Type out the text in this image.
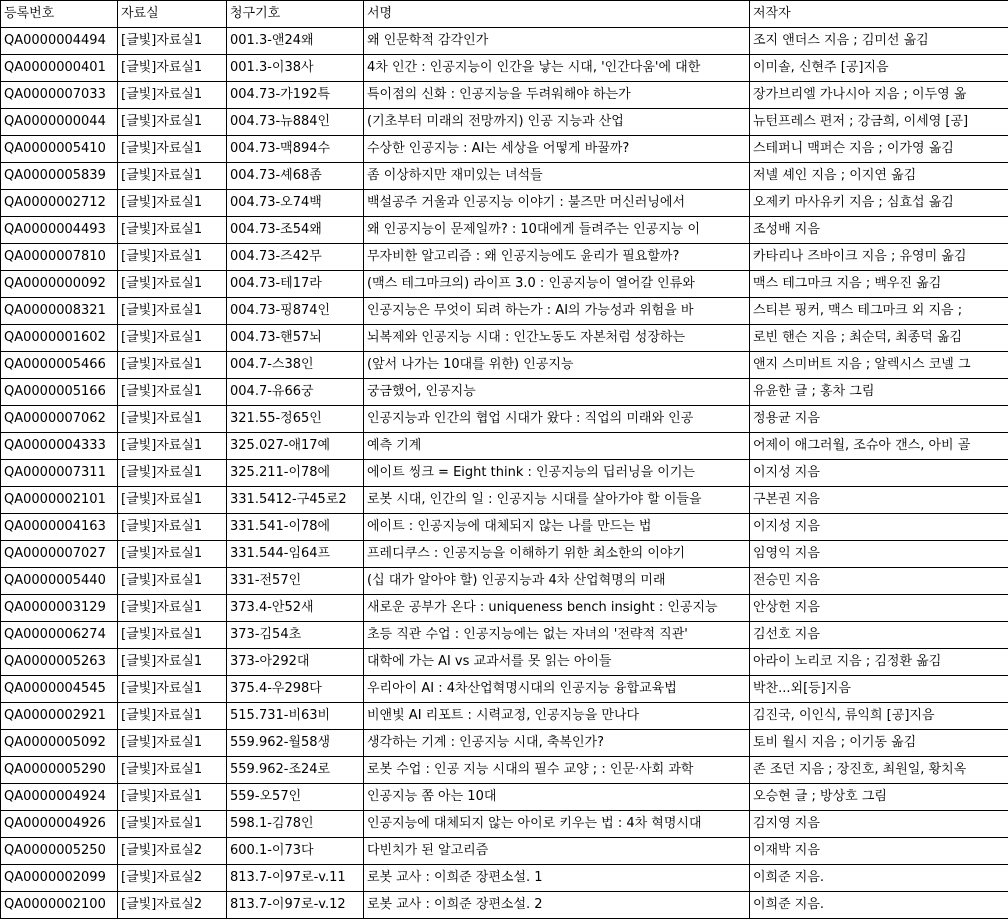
등록번호	자료실	청구기호	서명	저작자
QA0000004494	[글빛]자료실1	001.3-앤24왜	왜 인문학적 감각인가	조지 앤더스 지음 ; 김미선 옮김
QA0000000401	[글빛]자료실1	001.3-이38사	4차 인간 : 인공지능이 인간을 낳는 시대, '인간다움'에 대한	이미솔, 신현주 [공]지음
QA0000007033	[글빛]자료실1	004.73-가192특	특이점의 신화 : 인공지능을 두려워해야 하는가	장가브리엘 가나시아 지음 ; 이두영 옮
QA0000000044	[글빛]자료실1	004.73-뉴884인	(기초부터 미래의 전망까지) 인공 지능과 산업	뉴턴프레스 편저 ; 강금희, 이세영 [공]
QA0000005410	[글빛]자료실1	004.73-맥894수	수상한 인공지능 : AI는 세상을 어떻게 바꿀까?	스테퍼니 맥퍼슨 지음 ; 이가영 옮김
QA0000005839	[글빛]자료실1	004.73-셰68좀	좀 이상하지만 재미있는 녀석들	저넬 셰인 지음 ; 이지연 옮김
QA0000002712	[글빛]자료실1	004.73-오74백	백설공주 거울과 인공지능 이야기 : 불즈만 머신러닝에서	오제키 마사유키 지음 ; 심효섭 옮김
QA0000004493	[글빛]자료실1	004.73-조54왜	왜 인공지능이 문제일까? : 10대에게 들려주는 인공지능 이	조성배 지음
QA0000007810	[글빛]자료실1	004.73-즈42무	무자비한 알고리즘 : 왜 인공지능에도 윤리가 필요할까?	카타리나 즈바이크 지음 ; 유영미 옮김
QA0000000092	[글빛]자료실1	004.73-테17라	(맥스 테그마크의) 라이프 3.0 : 인공지능이 열어갈 인류와	맥스 테그마크 지음 ; 백우진 옮김
QA0000008321	[글빛]자료실1	004.73-핑874인	인공지능은 무엇이 되려 하는가 : AI의 가능성과 위험을 바	스티븐 핑커, 맥스 테그마크 외 지음 ;
QA0000001602	[글빛]자료실1	004.73-핸57뇌	뇌복제와 인공지능 시대 : 인간노동도 자본처럼 성장하는	로빈 핸슨 지음 ; 최순덕, 최종덕 옮김
QA0000005466	[글빛]자료실1	004.7-스38인	(앞서 나가는 10대를 위한) 인공지능	앤지 스미버트 지음 ; 알렉시스 코넬 그
QA0000005166	[글빛]자료실1	004.7-유66궁	궁금했어, 인공지능	유윤한 글 ; 홍차 그림
QA0000007062	[글빛]자료실1	321.55-정65인	인공지능과 인간의 협업 시대가 왔다 : 직업의 미래와 인공	정용균 지음
QA0000004333	[글빛]자료실1	325.027-애17예	예측 기계	어제이 애그러월, 조슈아 갠스, 아비 골
QA0000007311	[글빛]자료실1	325.211-이78에	에이트 씽크 = Eight think : 인공지능의 딥러닝을 이기는	이지성 지음
QA0000002101	[글빛]자료실1	331.5412-구45로2	로봇 시대, 인간의 일 : 인공지능 시대를 살아가야 할 이들을	구본권 지음
QA0000004163	[글빛]자료실1	331.541-이78에	에이트 : 인공지능에 대체되지 않는 나를 만드는 법	이지성 지음
QA0000007027	[글빛]자료실1	331.544-임64프	프레디쿠스 : 인공지능을 이해하기 위한 최소한의 이야기	임영익 지음
QA0000005440	[글빛]자료실1	331-전57인	(십 대가 알아야 할) 인공지능과 4차 산업혁명의 미래	전승민 지음
QA0000003129	[글빛]자료실1	373.4-안52새	새로운 공부가 온다 : uniqueness bench insight : 인공지능	안상헌 지음
QA0000006274	[글빛]자료실1	373-김54초	초등 직관 수업 : 인공지능에는 없는 자녀의 '전략적 직관'	김선호 지음
QA0000005263	[글빛]자료실1	373-아292대	대학에 가는 AI vs 교과서를 못 읽는 아이들	아라이 노리코 지음 ; 김정환 옮김
QA0000004545	[글빛]자료실1	375.4-우298다	우리아이 AI : 4차산업혁명시대의 인공지능 융합교육법	박찬...외[등]지음
QA0000002921	[글빛]자료실1	515.731-비63비	비앤빛 AI 리포트 : 시력교정, 인공지능을 만나다	김진국, 이인식, 류익희 [공]지음
QA0000005092	[글빛]자료실1	559.962-월58생	생각하는 기계 : 인공지능 시대, 축복인가?	토비 월시 지음 ; 이기동 옮김
QA0000005290	[글빛]자료실1	559.962-조24로	로봇 수업 : 인공 지능 시대의 필수 교양 ; : 인문·사회 과학	존 조던 지음 ; 장진호, 최원일, 황치옥
QA0000004924	[글빛]자료실1	559-오57인	인공지능 쫌 아는 10대	오승현 글 ; 방상호 그림
QA0000004926	[글빛]자료실1	598.1-김78인	인공지능에 대체되지 않는 아이로 키우는 법 : 4차 혁명시대	김지영 지음
QA0000005250	[글빛]자료실2	600.1-이73다	다빈치가 된 알고리즘	이재박 지음
QA0000002099	[글빛]자료실2	813.7-이97로-v.11	로봇 교사 : 이희준 장편소설. 1	이희준 지음.
QA0000002100	[글빛]자료실2	813.7-이97로-v.12	로봇 교사 : 이희준 장편소설. 2	이희준 지음.
